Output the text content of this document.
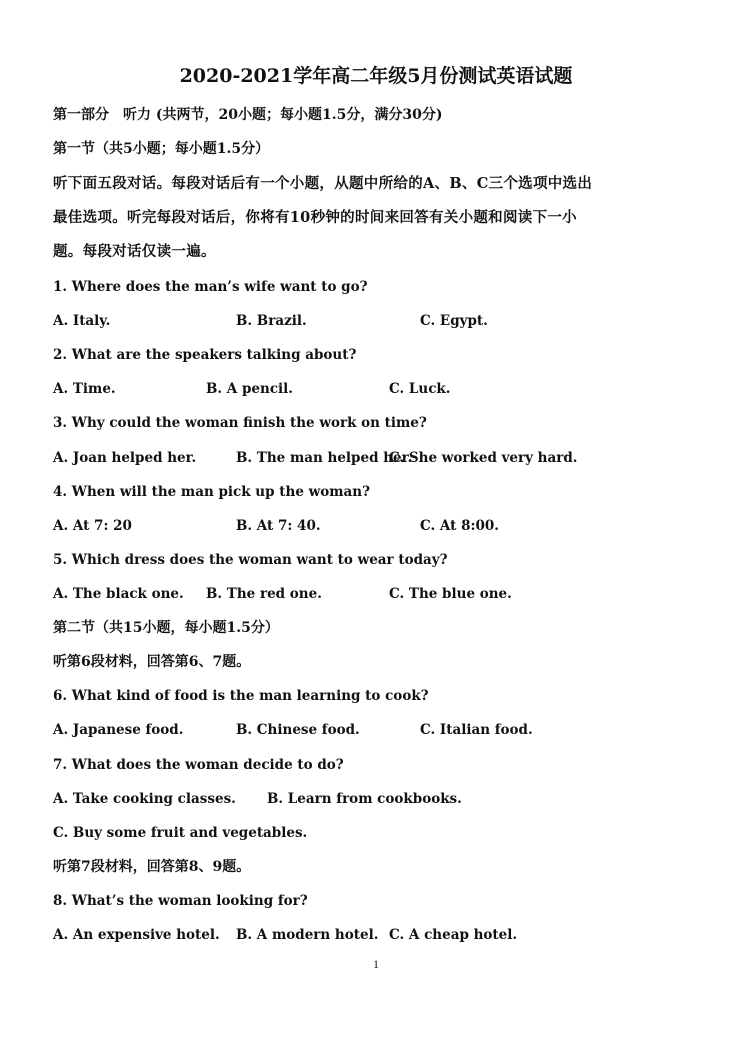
2020-2021学年高二年级5月份测试英语试题
第一部分　听力 (共两节，20小题；每小题1.5分，满分30分)
第一节（共5小题；每小题1.5分）
听下面五段对话。每段对话后有一个小题，从题中所给的A、B、C三个选项中选出
最佳选项。听完每段对话后，你将有10秒钟的时间来回答有关小题和阅读下一小
题。每段对话仅读一遍。
1. Where does the man’s wife want to go?
A. Italy.	B. Brazil.	C. Egypt.
2. What are the speakers talking about?
A. Time.	B. A pencil.	C. Luck.
3. Why could the woman finish the work on time?
A. Joan helped her.	B. The man helped her.
C. She worked very hard.
4. When will the man pick up the woman?
A. At 7: 20	B. At 7: 40.	C. At 8:00.
5. Which dress does the woman want to wear today?
A. The black one. B. The red one.	C. The blue one.
第二节（共15小题，每小题1.5分）
听第6段材料，回答第6、7题。
6. What kind of food is the man learning to cook?
A. Japanese food.	B. Chinese food.	C. Italian food.
7. What does the woman decide to do?
A. Take cooking classes. B. Learn from cookbooks.
C. Buy some fruit and vegetables.
听第7段材料，回答第8、9题。
8. What’s the woman looking for?
A. An expensive hotel. B. A modern hotel. C. A cheap hotel.
1
